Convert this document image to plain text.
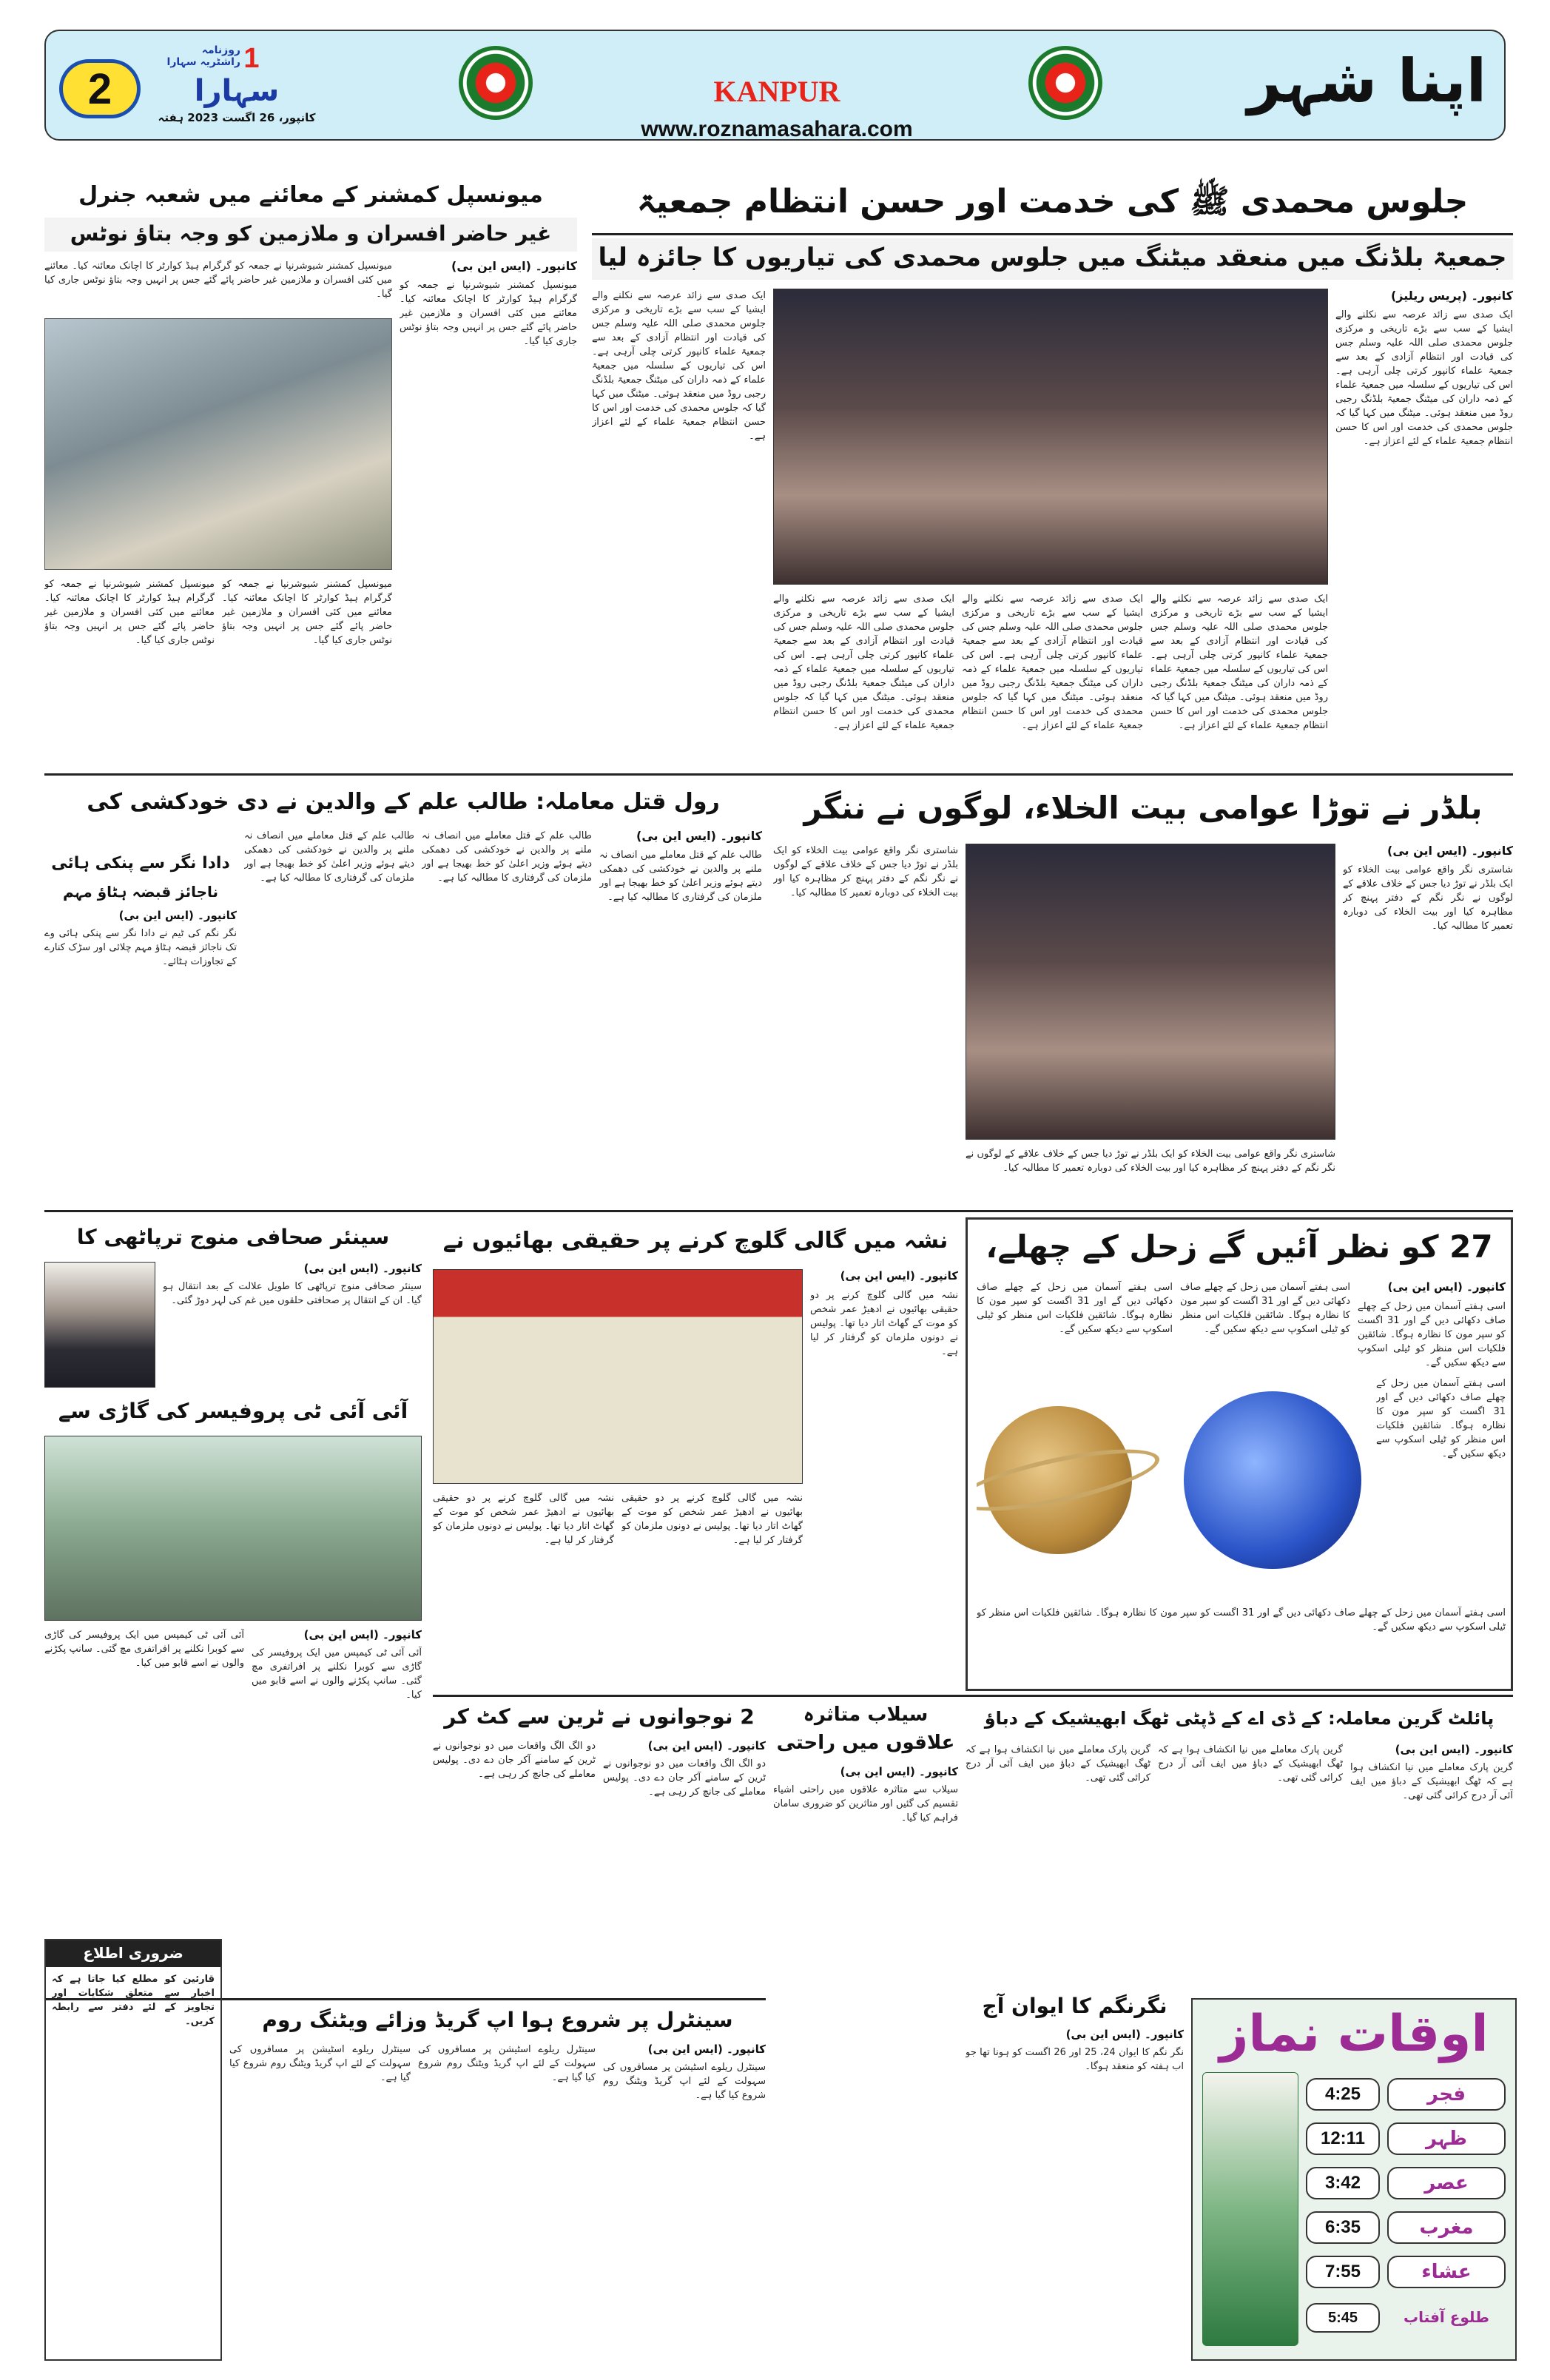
2
1
روزنامہ راشٹریہ سہارا
سہارا
کانپور، 26 اگست 2023 ہفتہ
KANPUR
www.roznamasahara.com
اپنا شہر
جلوس محمدی ﷺ کی خدمت اور حسن انتظام جمعیۃ
جمعیۃ بلڈنگ میں منعقد میٹنگ میں جلوس محمدی کی تیاریوں کا جائزہ لیا
کانپور۔ (پریس ریلیز)
ایک صدی سے زائد عرصہ سے نکلنے والے ایشیا کے سب سے بڑے تاریخی و مرکزی جلوس محمدی صلی اللہ علیہ وسلم جس کی قیادت اور انتظام آزادی کے بعد سے جمعیۃ علماء کانپور کرتی چلی آرہی ہے۔ اس کی تیاریوں کے سلسلہ میں جمعیۃ علماء کے ذمہ داران کی میٹنگ جمعیۃ بلڈنگ رجبی روڈ میں منعقد ہوئی۔ میٹنگ میں کہا گیا کہ جلوس محمدی کی خدمت اور اس کا حسن انتظام جمعیۃ علماء کے لئے اعزاز ہے۔
ایک صدی سے زائد عرصہ سے نکلنے والے ایشیا کے سب سے بڑے تاریخی و مرکزی جلوس محمدی صلی اللہ علیہ وسلم جس کی قیادت اور انتظام آزادی کے بعد سے جمعیۃ علماء کانپور کرتی چلی آرہی ہے۔ اس کی تیاریوں کے سلسلہ میں جمعیۃ علماء کے ذمہ داران کی میٹنگ جمعیۃ بلڈنگ رجبی روڈ میں منعقد ہوئی۔ میٹنگ میں کہا گیا کہ جلوس محمدی کی خدمت اور اس کا حسن انتظام جمعیۃ علماء کے لئے اعزاز ہے۔
ایک صدی سے زائد عرصہ سے نکلنے والے ایشیا کے سب سے بڑے تاریخی و مرکزی جلوس محمدی صلی اللہ علیہ وسلم جس کی قیادت اور انتظام آزادی کے بعد سے جمعیۃ علماء کانپور کرتی چلی آرہی ہے۔ اس کی تیاریوں کے سلسلہ میں جمعیۃ علماء کے ذمہ داران کی میٹنگ جمعیۃ بلڈنگ رجبی روڈ میں منعقد ہوئی۔ میٹنگ میں کہا گیا کہ جلوس محمدی کی خدمت اور اس کا حسن انتظام جمعیۃ علماء کے لئے اعزاز ہے۔
ایک صدی سے زائد عرصہ سے نکلنے والے ایشیا کے سب سے بڑے تاریخی و مرکزی جلوس محمدی صلی اللہ علیہ وسلم جس کی قیادت اور انتظام آزادی کے بعد سے جمعیۃ علماء کانپور کرتی چلی آرہی ہے۔ اس کی تیاریوں کے سلسلہ میں جمعیۃ علماء کے ذمہ داران کی میٹنگ جمعیۃ بلڈنگ رجبی روڈ میں منعقد ہوئی۔ میٹنگ میں کہا گیا کہ جلوس محمدی کی خدمت اور اس کا حسن انتظام جمعیۃ علماء کے لئے اعزاز ہے۔
ایک صدی سے زائد عرصہ سے نکلنے والے ایشیا کے سب سے بڑے تاریخی و مرکزی جلوس محمدی صلی اللہ علیہ وسلم جس کی قیادت اور انتظام آزادی کے بعد سے جمعیۃ علماء کانپور کرتی چلی آرہی ہے۔ اس کی تیاریوں کے سلسلہ میں جمعیۃ علماء کے ذمہ داران کی میٹنگ جمعیۃ بلڈنگ رجبی روڈ میں منعقد ہوئی۔ میٹنگ میں کہا گیا کہ جلوس محمدی کی خدمت اور اس کا حسن انتظام جمعیۃ علماء کے لئے اعزاز ہے۔
میونسپل کمشنر کے معائنے میں شعبہ جنرل
غیر حاضر افسران و ملازمین کو وجہ بتاؤ نوٹس
کانپور۔ (ایس این بی)
میونسپل کمشنر شیوشرنپا نے جمعہ کو گرگرام ہیڈ کوارٹر کا اچانک معائنہ کیا۔ معائنے میں کئی افسران و ملازمین غیر حاضر پائے گئے جس پر انہیں وجہ بتاؤ نوٹس جاری کیا گیا۔
میونسپل کمشنر شیوشرنپا نے جمعہ کو گرگرام ہیڈ کوارٹر کا اچانک معائنہ کیا۔ معائنے میں کئی افسران و ملازمین غیر حاضر پائے گئے جس پر انہیں وجہ بتاؤ نوٹس جاری کیا گیا۔
میونسپل کمشنر شیوشرنپا نے جمعہ کو گرگرام ہیڈ کوارٹر کا اچانک معائنہ کیا۔ معائنے میں کئی افسران و ملازمین غیر حاضر پائے گئے جس پر انہیں وجہ بتاؤ نوٹس جاری کیا گیا۔
میونسپل کمشنر شیوشرنپا نے جمعہ کو گرگرام ہیڈ کوارٹر کا اچانک معائنہ کیا۔ معائنے میں کئی افسران و ملازمین غیر حاضر پائے گئے جس پر انہیں وجہ بتاؤ نوٹس جاری کیا گیا۔
بلڈر نے توڑا عوامی بیت الخلاء، لوگوں نے ننگر
کانپور۔ (ایس این بی)
شاستری نگر واقع عوامی بیت الخلاء کو ایک بلڈر نے توڑ دیا جس کے خلاف علاقے کے لوگوں نے نگر نگم کے دفتر پہنچ کر مظاہرہ کیا اور بیت الخلاء کی دوبارہ تعمیر کا مطالبہ کیا۔
شاستری نگر واقع عوامی بیت الخلاء کو ایک بلڈر نے توڑ دیا جس کے خلاف علاقے کے لوگوں نے نگر نگم کے دفتر پہنچ کر مظاہرہ کیا اور بیت الخلاء کی دوبارہ تعمیر کا مطالبہ کیا۔
شاستری نگر واقع عوامی بیت الخلاء کو ایک بلڈر نے توڑ دیا جس کے خلاف علاقے کے لوگوں نے نگر نگم کے دفتر پہنچ کر مظاہرہ کیا اور بیت الخلاء کی دوبارہ تعمیر کا مطالبہ کیا۔
رول قتل معاملہ: طالب علم کے والدین نے دی خودکشی کی
کانپور۔ (ایس این بی)
طالب علم کے قتل معاملے میں انصاف نہ ملنے پر والدین نے خودکشی کی دھمکی دیتے ہوئے وزیر اعلیٰ کو خط بھیجا ہے اور ملزمان کی گرفتاری کا مطالبہ کیا ہے۔
طالب علم کے قتل معاملے میں انصاف نہ ملنے پر والدین نے خودکشی کی دھمکی دیتے ہوئے وزیر اعلیٰ کو خط بھیجا ہے اور ملزمان کی گرفتاری کا مطالبہ کیا ہے۔
طالب علم کے قتل معاملے میں انصاف نہ ملنے پر والدین نے خودکشی کی دھمکی دیتے ہوئے وزیر اعلیٰ کو خط بھیجا ہے اور ملزمان کی گرفتاری کا مطالبہ کیا ہے۔
دادا نگر سے پنکی ہائی
ناجائز قبضہ ہٹاؤ مہم
کانپور۔ (ایس این بی)
نگر نگم کی ٹیم نے دادا نگر سے پنکی ہائی وے تک ناجائز قبضہ ہٹاؤ مہم چلائی اور سڑک کنارے کے تجاوزات ہٹائے۔
27 کو نظر آئیں گے زحل کے چھلے،
کانپور۔ (ایس این بی)
اسی ہفتے آسمان میں زحل کے چھلے صاف دکھائی دیں گے اور 31 اگست کو سپر مون کا نظارہ ہوگا۔ شائقین فلکیات اس منظر کو ٹیلی اسکوپ سے دیکھ سکیں گے۔
اسی ہفتے آسمان میں زحل کے چھلے صاف دکھائی دیں گے اور 31 اگست کو سپر مون کا نظارہ ہوگا۔ شائقین فلکیات اس منظر کو ٹیلی اسکوپ سے دیکھ سکیں گے۔
اسی ہفتے آسمان میں زحل کے چھلے صاف دکھائی دیں گے اور 31 اگست کو سپر مون کا نظارہ ہوگا۔ شائقین فلکیات اس منظر کو ٹیلی اسکوپ سے دیکھ سکیں گے۔
اسی ہفتے آسمان میں زحل کے چھلے صاف دکھائی دیں گے اور 31 اگست کو سپر مون کا نظارہ ہوگا۔ شائقین فلکیات اس منظر کو ٹیلی اسکوپ سے دیکھ سکیں گے۔
اسی ہفتے آسمان میں زحل کے چھلے صاف دکھائی دیں گے اور 31 اگست کو سپر مون کا نظارہ ہوگا۔ شائقین فلکیات اس منظر کو ٹیلی اسکوپ سے دیکھ سکیں گے۔
نشہ میں گالی گلوچ کرنے پر حقیقی بھائیوں نے
کانپور۔ (ایس این بی)
نشہ میں گالی گلوچ کرنے پر دو حقیقی بھائیوں نے ادھیڑ عمر شخص کو موت کے گھاٹ اتار دیا تھا۔ پولیس نے دونوں ملزمان کو گرفتار کر لیا ہے۔
نشہ میں گالی گلوچ کرنے پر دو حقیقی بھائیوں نے ادھیڑ عمر شخص کو موت کے گھاٹ اتار دیا تھا۔ پولیس نے دونوں ملزمان کو گرفتار کر لیا ہے۔
نشہ میں گالی گلوچ کرنے پر دو حقیقی بھائیوں نے ادھیڑ عمر شخص کو موت کے گھاٹ اتار دیا تھا۔ پولیس نے دونوں ملزمان کو گرفتار کر لیا ہے۔
سینئر صحافی منوج ترپاٹھی کا
کانپور۔ (ایس این بی)
سینئر صحافی منوج ترپاٹھی کا طویل علالت کے بعد انتقال ہو گیا۔ ان کے انتقال پر صحافتی حلقوں میں غم کی لہر دوڑ گئی۔
آئی آئی ٹی پروفیسر کی گاڑی سے
کانپور۔ (ایس این بی)
آئی آئی ٹی کیمپس میں ایک پروفیسر کی گاڑی سے کوبرا نکلنے پر افراتفری مچ گئی۔ سانپ پکڑنے والوں نے اسے قابو میں کیا۔
آئی آئی ٹی کیمپس میں ایک پروفیسر کی گاڑی سے کوبرا نکلنے پر افراتفری مچ گئی۔ سانپ پکڑنے والوں نے اسے قابو میں کیا۔
پائلٹ گرین معاملہ: کے ڈی اے کے ڈپٹی ٹھگ ابھیشیک کے دباؤ
کانپور۔ (ایس این بی)
گرین پارک معاملے میں نیا انکشاف ہوا ہے کہ ٹھگ ابھیشیک کے دباؤ میں ایف آئی آر درج کرائی گئی تھی۔
گرین پارک معاملے میں نیا انکشاف ہوا ہے کہ ٹھگ ابھیشیک کے دباؤ میں ایف آئی آر درج کرائی گئی تھی۔
گرین پارک معاملے میں نیا انکشاف ہوا ہے کہ ٹھگ ابھیشیک کے دباؤ میں ایف آئی آر درج کرائی گئی تھی۔
سیلاب متاثرہ علاقوں میں راحتی
کانپور۔ (ایس این بی)
سیلاب سے متاثرہ علاقوں میں راحتی اشیاء تقسیم کی گئیں اور متاثرین کو ضروری سامان فراہم کیا گیا۔
2 نوجوانوں نے ٹرین سے کٹ کر
کانپور۔ (ایس این بی)
دو الگ الگ واقعات میں دو نوجوانوں نے ٹرین کے سامنے آکر جان دے دی۔ پولیس معاملے کی جانچ کر رہی ہے۔
دو الگ الگ واقعات میں دو نوجوانوں نے ٹرین کے سامنے آکر جان دے دی۔ پولیس معاملے کی جانچ کر رہی ہے۔
نگرنگم کا ایوان آج
کانپور۔ (ایس این بی)
نگر نگم کا ایوان 24، 25 اور 26 اگست کو ہونا تھا جو اب ہفتہ کو منعقد ہوگا۔
سینٹرل پر شروع ہوا اپ گریڈ وزائے ویٹنگ روم
کانپور۔ (ایس این بی)
سینٹرل ریلوے اسٹیشن پر مسافروں کی سہولت کے لئے اپ گریڈ ویٹنگ روم شروع کیا گیا ہے۔
سینٹرل ریلوے اسٹیشن پر مسافروں کی سہولت کے لئے اپ گریڈ ویٹنگ روم شروع کیا گیا ہے۔
سینٹرل ریلوے اسٹیشن پر مسافروں کی سہولت کے لئے اپ گریڈ ویٹنگ روم شروع کیا گیا ہے۔
ضروری اطلاع
قارئین کو مطلع کیا جاتا ہے کہ اخبار سے متعلق شکایات اور تجاویز کے لئے دفتر سے رابطہ کریں۔	اوقات نماز
4:25	فجر
12:11	ظہر
3:42	عصر
6:35	مغرب
7:55	عشاء
5:45	طلوع آفتاب
